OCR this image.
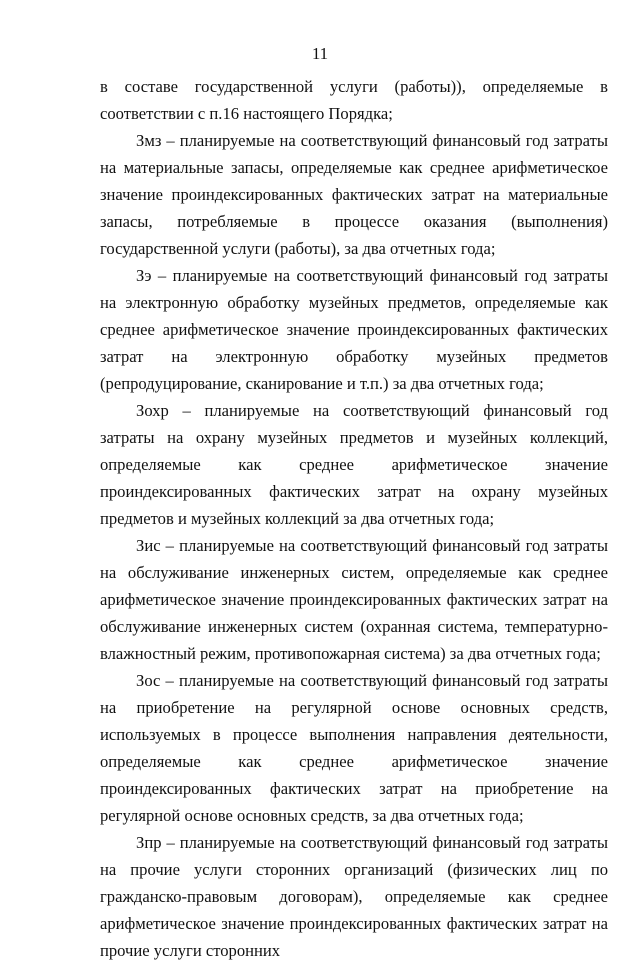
11

в составе государственной услуги (работы)), определяемые в соответствии с п.16 настоящего Порядка;

Змз – планируемые на соответствующий финансовый год затраты на материальные запасы, определяемые как среднее арифметическое значение проиндексированных фактических затрат на материальные запасы, потребляемые в процессе оказания (выполнения) государственной услуги (работы), за два отчетных года;

Зэ – планируемые на соответствующий финансовый год затраты на электронную обработку музейных предметов, определяемые как среднее арифметическое значение проиндексированных фактических затрат на электронную обработку музейных предметов (репродуцирование, сканирование и т.п.) за два отчетных года;

Зохр – планируемые на соответствующий финансовый год затраты на охрану музейных предметов и музейных коллекций, определяемые как среднее арифметическое значение проиндексированных фактических затрат на охрану музейных предметов и музейных коллекций за два отчетных года;

Зис – планируемые на соответствующий финансовый год затраты на обслуживание инженерных систем, определяемые как среднее арифметическое значение проиндексированных фактических затрат на обслуживание инженерных систем (охранная система, температурно-влажностный режим, противопожарная система) за два отчетных года;

Зос – планируемые на соответствующий финансовый год затраты на приобретение на регулярной основе основных средств, используемых в процессе выполнения направления деятельности, определяемые как среднее арифметическое значение проиндексированных фактических затрат на приобретение на регулярной основе основных средств, за два отчетных года;

Зпр – планируемые на соответствующий финансовый год затраты на прочие услуги сторонних организаций (физических лиц по гражданско-правовым договорам), определяемые как среднее арифметическое значение проиндексированных фактических затрат на прочие услуги сторонних
